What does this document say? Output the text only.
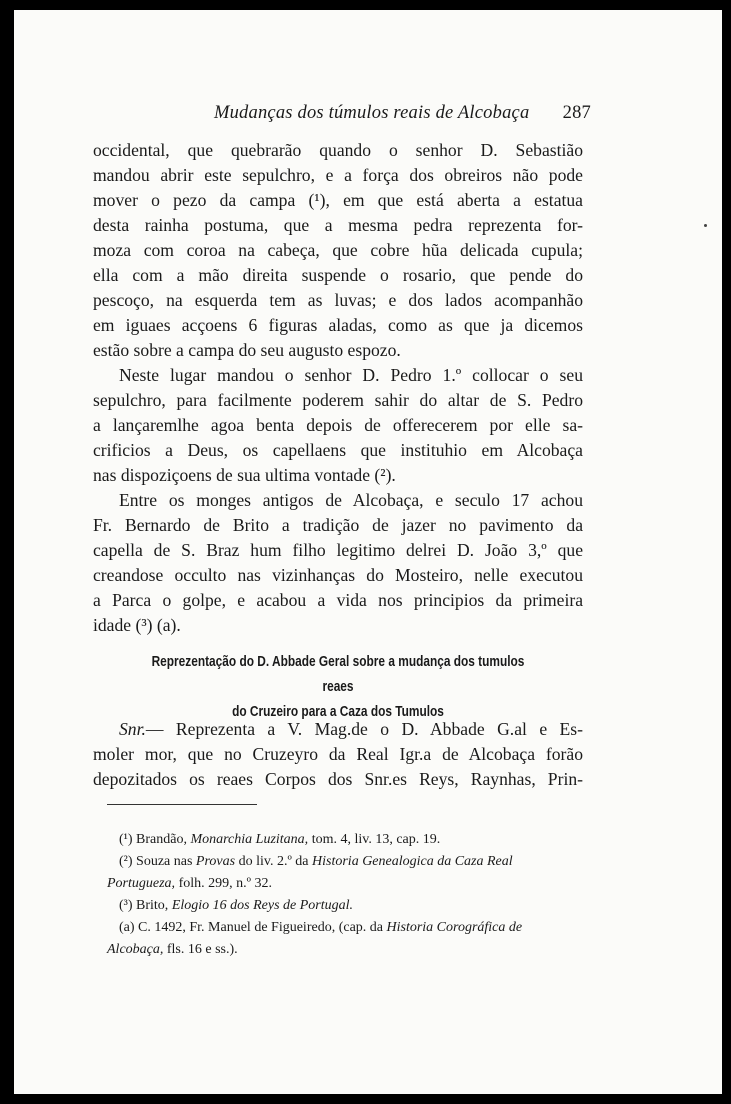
Mudanças dos túmulos reais de Alcobaça 287

occidental, que quebrarão quando o senhor D. Sebastião
mandou abrir este sepulchro, e a força dos obreiros não pode
mover o pezo da campa (¹), em que está aberta a estatua
desta rainha postuma, que a mesma pedra reprezenta for-
moza com coroa na cabeça, que cobre hũa delicada cupula;
ella com a mão direita suspende o rosario, que pende do
pescoço, na esquerda tem as luvas; e dos lados acompanhão
em iguaes acçoens 6 figuras aladas, como as que ja dicemos
estão sobre a campa do seu augusto espozo.

Neste lugar mandou o senhor D. Pedro 1.º collocar o seu
sepulchro, para facilmente poderem sahir do altar de S. Pedro
a lançaremlhe agoa benta depois de offerecerem por elle sa-
crificios a Deus, os capellaens que instituhio em Alcobaça
nas dispoziçoens de sua ultima vontade (²).

Entre os monges antigos de Alcobaça, e seculo 17 achou
Fr. Bernardo de Brito a tradição de jazer no pavimento da
capella de S. Braz hum filho legitimo delrei D. João 3,º que
creandose occulto nas vizinhanças do Mosteiro, nelle executou
a Parca o golpe, e acabou a vida nos principios da primeira
idade (³) (a).

Reprezentação do D. Abbade Geral sobre a mudança dos tumulos reaes
do Cruzeiro para a Caza dos Tumulos
Snr.— Reprezenta a V. Mag.de o D. Abbade G.al e Es-
moler mor, que no Cruzeyro da Real Igr.a de Alcobaça forão
depozitados os reaes Corpos dos Snr.es Reys, Raynhas, Prin-
(¹) Brandão, Monarchia Luzitana, tom. 4, liv. 13, cap. 19.
(²) Souza nas Provas do liv. 2.º da Historia Genealogica da Caza Real Portugueza, folh. 299, n.º 32.
(³) Brito, Elogio 16 dos Reys de Portugal.
(a) C. 1492, Fr. Manuel de Figueiredo, (cap. da Historia Corográfica de Alcobaça, fls. 16 e ss.).
